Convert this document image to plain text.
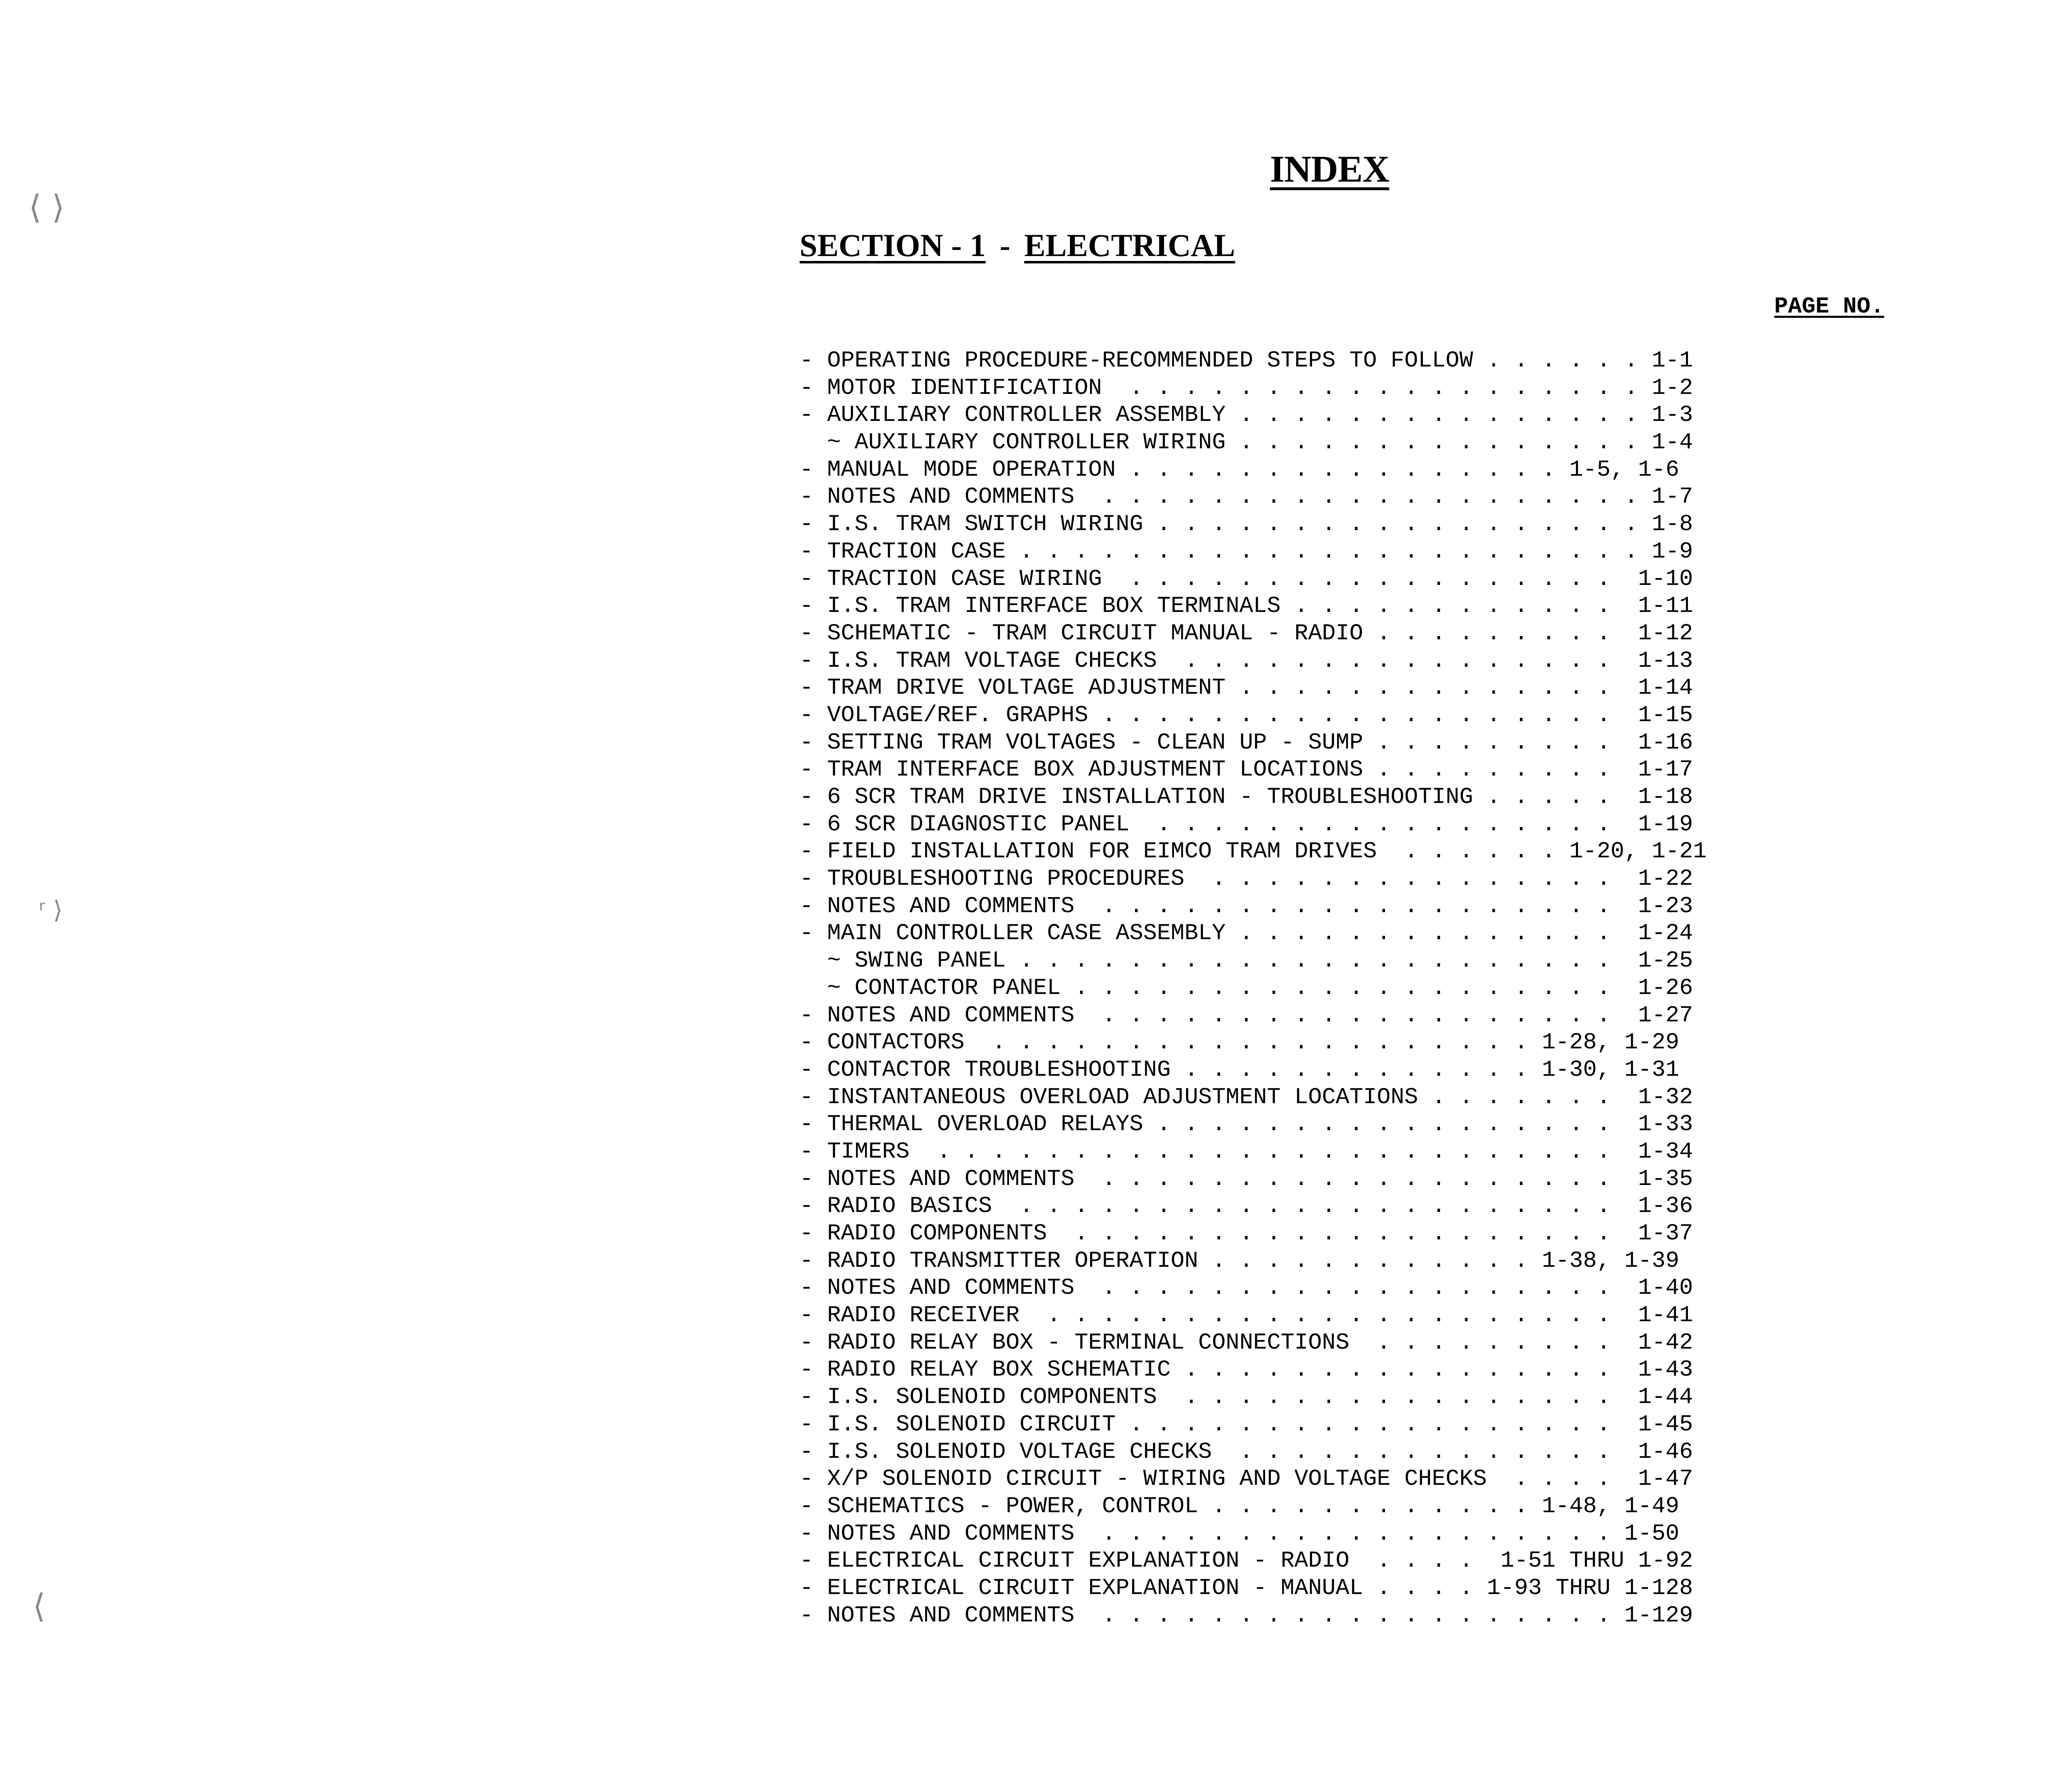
INDEX
SECTION - 1 - ELECTRICAL
PAGE NO.
- OPERATING PROCEDURE-RECOMMENDED STEPS TO FOLLOW . . . . . . 1-1
- MOTOR IDENTIFICATION  . . . . . . . . . . . . . . . . . . . 1-2
- AUXILIARY CONTROLLER ASSEMBLY . . . . . . . . . . . . . . . 1-3
~ AUXILIARY CONTROLLER WIRING . . . . . . . . . . . . . . . 1-4
- MANUAL MODE OPERATION . . . . . . . . . . . . . . . . 1-5, 1-6
- NOTES AND COMMENTS  . . . . . . . . . . . . . . . . . . . . 1-7
- I.S. TRAM SWITCH WIRING . . . . . . . . . . . . . . . . . . 1-8
- TRACTION CASE . . . . . . . . . . . . . . . . . . . . . . . 1-9
- TRACTION CASE WIRING  . . . . . . . . . . . . . . . . . .  1-10
- I.S. TRAM INTERFACE BOX TERMINALS . . . . . . . . . . . .  1-11
- SCHEMATIC - TRAM CIRCUIT MANUAL - RADIO . . . . . . . . .  1-12
- I.S. TRAM VOLTAGE CHECKS  . . . . . . . . . . . . . . . .  1-13
- TRAM DRIVE VOLTAGE ADJUSTMENT . . . . . . . . . . . . . .  1-14
- VOLTAGE/REF. GRAPHS . . . . . . . . . . . . . . . . . . .  1-15
- SETTING TRAM VOLTAGES - CLEAN UP - SUMP . . . . . . . . .  1-16
- TRAM INTERFACE BOX ADJUSTMENT LOCATIONS . . . . . . . . .  1-17
- 6 SCR TRAM DRIVE INSTALLATION - TROUBLESHOOTING . . . . .  1-18
- 6 SCR DIAGNOSTIC PANEL  . . . . . . . . . . . . . . . . .  1-19
- FIELD INSTALLATION FOR EIMCO TRAM DRIVES  . . . . . . 1-20, 1-21
- TROUBLESHOOTING PROCEDURES  . . . . . . . . . . . . . . .  1-22
- NOTES AND COMMENTS  . . . . . . . . . . . . . . . . . . .  1-23
- MAIN CONTROLLER CASE ASSEMBLY . . . . . . . . . . . . . .  1-24
~ SWING PANEL . . . . . . . . . . . . . . . . . . . . . .  1-25
~ CONTACTOR PANEL . . . . . . . . . . . . . . . . . . . .  1-26
- NOTES AND COMMENTS  . . . . . . . . . . . . . . . . . . .  1-27
- CONTACTORS  . . . . . . . . . . . . . . . . . . . . 1-28, 1-29
- CONTACTOR TROUBLESHOOTING . . . . . . . . . . . . . 1-30, 1-31
- INSTANTANEOUS OVERLOAD ADJUSTMENT LOCATIONS . . . . . . .  1-32
- THERMAL OVERLOAD RELAYS . . . . . . . . . . . . . . . . .  1-33
- TIMERS  . . . . . . . . . . . . . . . . . . . . . . . . .  1-34
- NOTES AND COMMENTS  . . . . . . . . . . . . . . . . . . .  1-35
- RADIO BASICS  . . . . . . . . . . . . . . . . . . . . . .  1-36
- RADIO COMPONENTS  . . . . . . . . . . . . . . . . . . . .  1-37
- RADIO TRANSMITTER OPERATION . . . . . . . . . . . . 1-38, 1-39
- NOTES AND COMMENTS  . . . . . . . . . . . . . . . . . . .  1-40
- RADIO RECEIVER  . . . . . . . . . . . . . . . . . . . . .  1-41
- RADIO RELAY BOX - TERMINAL CONNECTIONS  . . . . . . . . .  1-42
- RADIO RELAY BOX SCHEMATIC . . . . . . . . . . . . . . . .  1-43
- I.S. SOLENOID COMPONENTS  . . . . . . . . . . . . . . . .  1-44
- I.S. SOLENOID CIRCUIT . . . . . . . . . . . . . . . . . .  1-45
- I.S. SOLENOID VOLTAGE CHECKS  . . . . . . . . . . . . . .  1-46
- X/P SOLENOID CIRCUIT - WIRING AND VOLTAGE CHECKS  . . . .  1-47
- SCHEMATICS - POWER, CONTROL . . . . . . . . . . . . 1-48, 1-49
- NOTES AND COMMENTS  . . . . . . . . . . . . . . . . . . . 1-50
- ELECTRICAL CIRCUIT EXPLANATION - RADIO  . . . .  1-51 THRU 1-92
- ELECTRICAL CIRCUIT EXPLANATION - MANUAL . . . . 1-93 THRU 1-128
- NOTES AND COMMENTS  . . . . . . . . . . . . . . . . . . . 1-129
⟨ ⟩
ʳ ⟩
⟨
